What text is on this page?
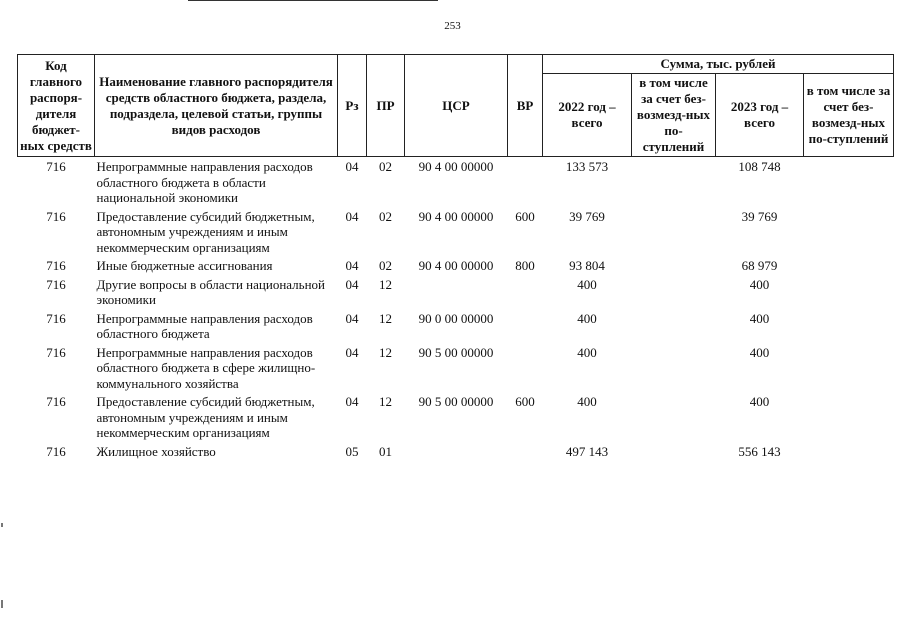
253
Код главного распоря-дителя бюджет-ных средств	Наименование главного распорядителя средств областного бюджета, раздела, подраздела, целевой статьи, группы видов расходов	Рз	ПР	ЦСР	ВР	Сумма, тыс. рублей			
						2022 год – всего	в том числе за счет без-возмезд-ных по-ступлений	2023 год – всего	в том числе за счет без-возмезд-ных по-ступлений
716	Непрограммные направления расходов областного бюджета в области национальной экономики	04	02	90 4 00 00000		133 573		108 748	
716	Предоставление субсидий бюджетным, автономным учреждениям и иным некоммерческим организациям	04	02	90 4 00 00000	600	39 769		39 769	
716	Иные бюджетные ассигнования	04	02	90 4 00 00000	800	93 804		68 979	
716	Другие вопросы в области национальной экономики	04	12			400		400	
716	Непрограммные направления расходов областного бюджета	04	12	90 0 00 00000		400		400	
716	Непрограммные направления расходов областного бюджета в сфере жилищно-коммунального хозяйства	04	12	90 5 00 00000		400		400	
716	Предоставление субсидий бюджетным, автономным учреждениям и иным некоммерческим организациям	04	12	90 5 00 00000	600	400		400	
716	Жилищное хозяйство	05	01			497 143		556 143	
